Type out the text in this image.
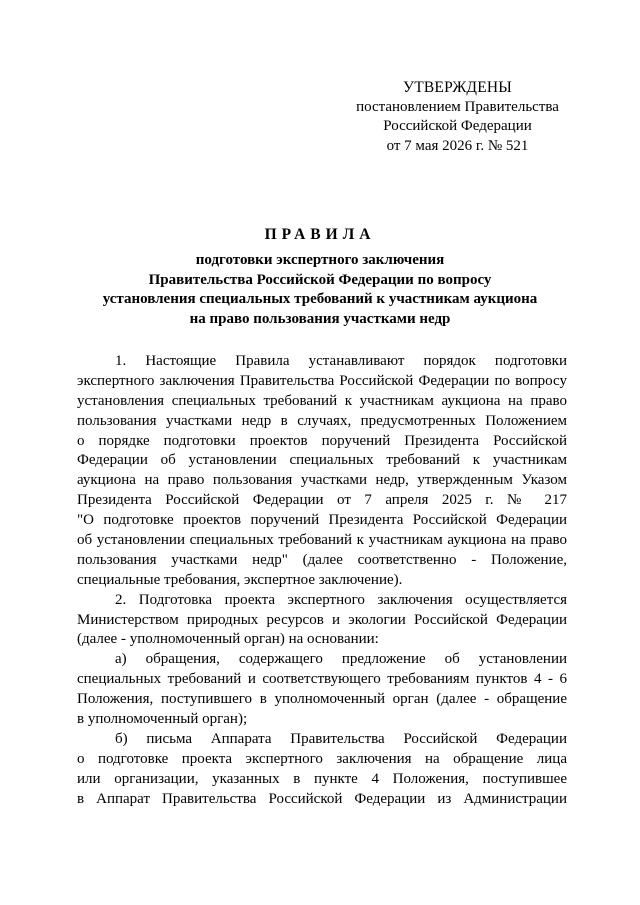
УТВЕРЖДЕНЫ
постановлением Правительства
Российской Федерации
от 7 мая 2026 г. № 521
ПРАВИЛА
подготовки экспертного заключения
Правительства Российской Федерации по вопросу
установления специальных требований к участникам аукциона
на право пользования участками недр
1. Настоящие Правила устанавливают порядок подготовки
экспертного заключения Правительства Российской Федерации по вопросу
установления специальных требований к участникам аукциона на право
пользования участками недр в случаях, предусмотренных Положением
о порядке подготовки проектов поручений Президента Российской
Федерации об установлении специальных требований к участникам
аукциона на право пользования участками недр, утвержденным Указом
Президента Российской Федерации от 7 апреля 2025 г. № 217
"О подготовке проектов поручений Президента Российской Федерации
об установлении специальных требований к участникам аукциона на право
пользования участками недр" (далее соответственно - Положение,
специальные требования, экспертное заключение).
2. Подготовка проекта экспертного заключения осуществляется
Министерством природных ресурсов и экологии Российской Федерации
(далее - уполномоченный орган) на основании:
а) обращения, содержащего предложение об установлении
специальных требований и соответствующего требованиям пунктов 4 - 6
Положения, поступившего в уполномоченный орган (далее - обращение
в уполномоченный орган);
б) письма Аппарата Правительства Российской Федерации
о подготовке проекта экспертного заключения на обращение лица
или организации, указанных в пункте 4 Положения, поступившее
в Аппарат Правительства Российской Федерации из Администрации
